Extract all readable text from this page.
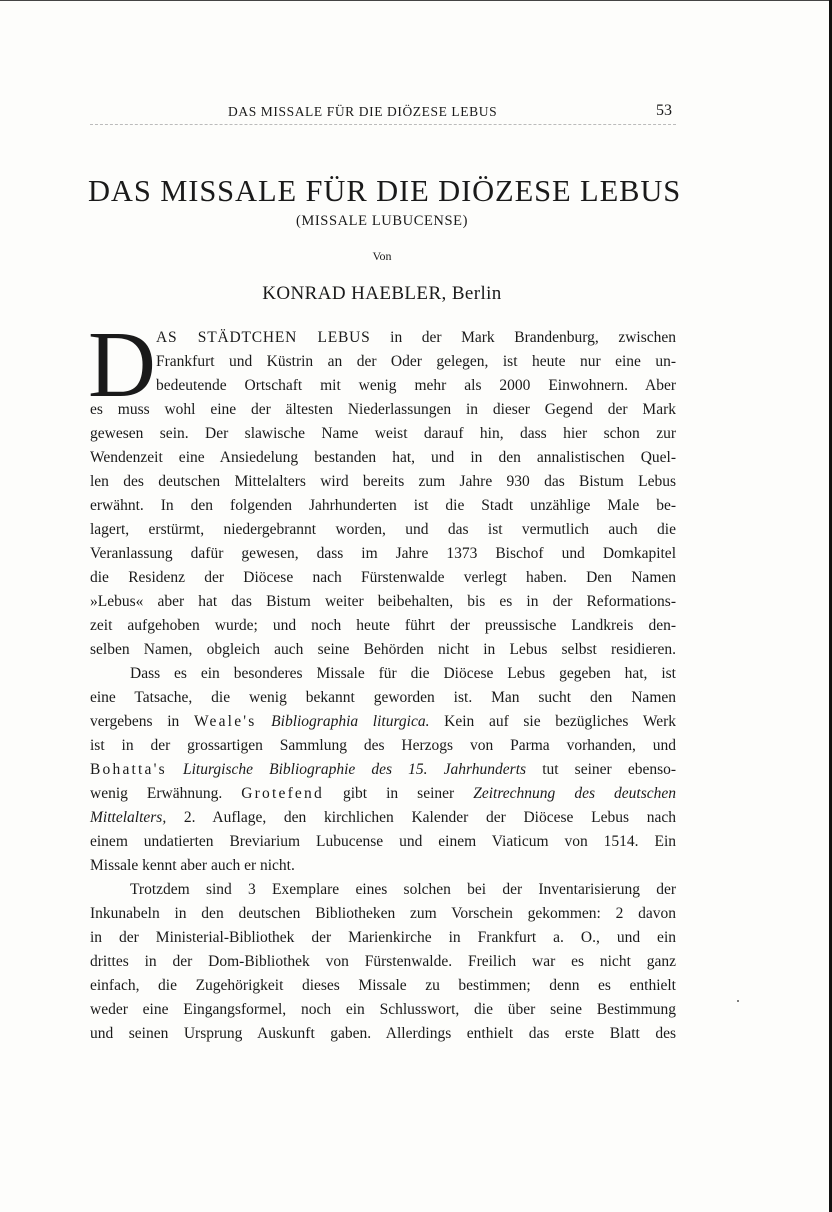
DAS MISSALE FÜR DIE DIÖZESE LEBUS	53
DAS MISSALE FÜR DIE DIÖZESE LEBUS
(MISSALE LUBUCENSE)
Von
KONRAD HAEBLER, Berlin
D AS STÄDTCHEN LEBUS in der Mark Brandenburg, zwischen
Frankfurt und Küstrin an der Oder gelegen, ist heute nur eine un-
bedeutende Ortschaft mit wenig mehr als 2000 Einwohnern. Aber
es muss wohl eine der ältesten Niederlassungen in dieser Gegend der Mark
gewesen sein. Der slawische Name weist darauf hin, dass hier schon zur
Wendenzeit eine Ansiedelung bestanden hat, und in den annalistischen Quel-
len des deutschen Mittelalters wird bereits zum Jahre 930 das Bistum Lebus
erwähnt. In den folgenden Jahrhunderten ist die Stadt unzählige Male be-
lagert, erstürmt, niedergebrannt worden, und das ist vermutlich auch die
Veranlassung dafür gewesen, dass im Jahre 1373 Bischof und Domkapitel
die Residenz der Diöcese nach Fürstenwalde verlegt haben. Den Namen
»Lebus« aber hat das Bistum weiter beibehalten, bis es in der Reformations-
zeit aufgehoben wurde; und noch heute führt der preussische Landkreis den-
selben Namen, obgleich auch seine Behörden nicht in Lebus selbst residieren.
Dass es ein besonderes Missale für die Diöcese Lebus gegeben hat, ist
eine Tatsache, die wenig bekannt geworden ist. Man sucht den Namen
vergebens in Weale's Bibliographia liturgica. Kein auf sie bezügliches Werk
ist in der grossartigen Sammlung des Herzogs von Parma vorhanden, und
Bohatta's Liturgische Bibliographie des 15. Jahrhunderts tut seiner ebenso-
wenig Erwähnung. Grotefend gibt in seiner Zeitrechnung des deutschen
Mittelalters, 2. Auflage, den kirchlichen Kalender der Diöcese Lebus nach
einem undatierten Breviarium Lubucense und einem Viaticum von 1514. Ein
Missale kennt aber auch er nicht.
Trotzdem sind 3 Exemplare eines solchen bei der Inventarisierung der
Inkunabeln in den deutschen Bibliotheken zum Vorschein gekommen: 2 davon
in der Ministerial-Bibliothek der Marienkirche in Frankfurt a. O., und ein
drittes in der Dom-Bibliothek von Fürstenwalde. Freilich war es nicht ganz
einfach, die Zugehörigkeit dieses Missale zu bestimmen; denn es enthielt
weder eine Eingangsformel, noch ein Schlusswort, die über seine Bestimmung
und seinen Ursprung Auskunft gaben. Allerdings enthielt das erste Blatt des
